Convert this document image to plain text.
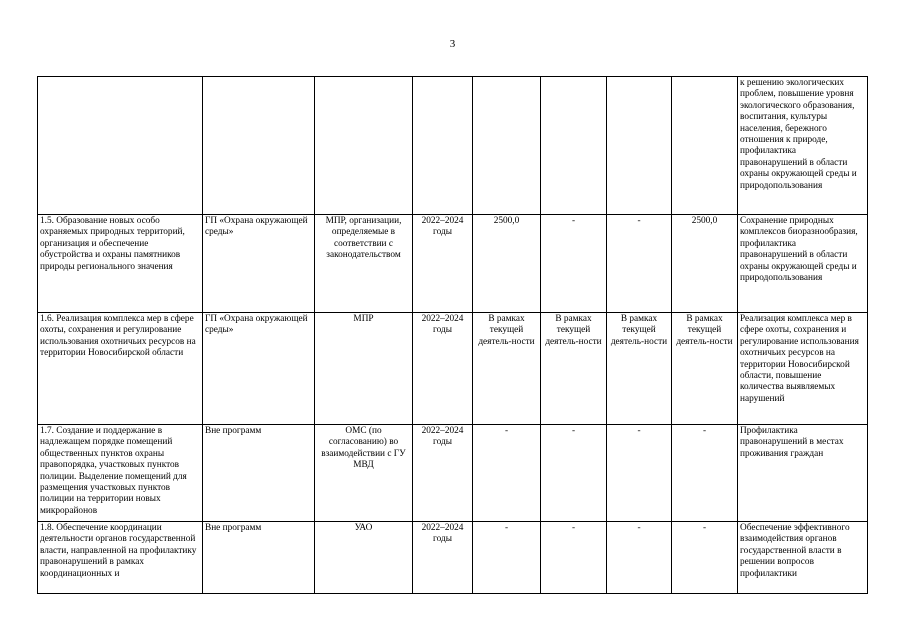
3
								к решению экологических проблем, повышение уровня экологического образования, воспитания, культуры населения, бережного отношения к природе, профилактика правонарушений в области охраны окружающей среды и природопользования
1.5. Образование новых особо охраняемых природных территорий, организация и обеспечение обустройства и охраны памятников природы регионального значения	ГП «Охрана окружающей среды»	МПР, организации, определяемые в соответствии с законодательством	2022–2024 годы	2500,0	-	-	2500,0	Сохранение природных комплексов биоразнообразия, профилактика правонарушений в области охраны окружающей среды и природопользования
1.6. Реализация комплекса мер в сфере охоты, сохранения и регулирование использования охотничьих ресурсов на территории Новосибирской области	ГП «Охрана окружающей среды»	МПР	2022–2024 годы	В рамках текущей деятель-ности	В рамках текущей деятель-ности	В рамках текущей деятель-ности	В рамках текущей деятель-ности	Реализация комплекса мер в сфере охоты, сохранения и регулирование использования охотничьих ресурсов на территории Новосибирской области, повышение количества выявляемых нарушений
1.7. Создание и поддержание в надлежащем порядке помещений общественных пунктов охраны правопорядка, участковых пунктов полиции. Выделение помещений для размещения участковых пунктов полиции на территории новых микрорайонов	Вне программ	ОМС (по согласованию) во взаимодействии с ГУ МВД	2022–2024 годы	-	-	-	-	Профилактика правонарушений в местах проживания граждан
1.8. Обеспечение координации деятельности органов государственной власти, направленной на профилактику правонарушений в рамках координационных и	Вне программ	УАО	2022–2024 годы	-	-	-	-	Обеспечение эффективного взаимодействия органов государственной власти в решении вопросов профилактики
